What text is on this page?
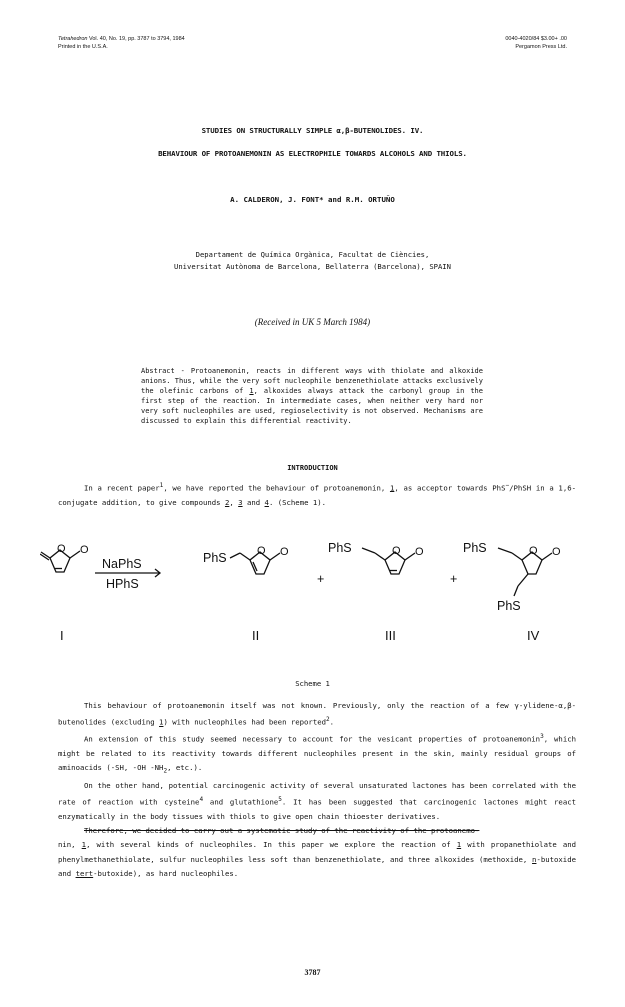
Tetrahedron Vol. 40, No. 19, pp. 3787 to 3794, 1984
Printed in the U.S.A.
0040-4020/84 $3.00+ .00
Pergamon Press Ltd.
STUDIES ON STRUCTURALLY SIMPLE α,β-BUTENOLIDES. IV.
BEHAVIOUR OF PROTOANEMONIN AS ELECTROPHILE TOWARDS ALCOHOLS AND THIOLS.
A. CALDERON, J. FONT* and R.M. ORTUÑO
Departament de Química Orgànica, Facultat de Ciències,
Universitat Autònoma de Barcelona, Bellaterra (Barcelona), SPAIN
(Received in UK 5 March 1984)
Abstract - Protoanemonin, reacts in different ways with thiolate and alkoxide anions. Thus, while the very soft nucleophile benzenethiolate attacks exclusively the olefinic carbons of 1, alkoxides always attack the carbonyl group in the first step of the reaction. In intermediate cases, when neither very hard nor very soft nucleophiles are used, regioselectivity is not observed. Mechanisms are discussed to explain this differential reactivity.
INTRODUCTION
In a recent paper$^1$, we have reported the behaviour of protoanemonin, 1, as acceptor towards PhS−/PhSH in a 1,6-conjugate addition, to give compounds 2, 3 and 4. (Scheme 1).
O O	O O	O O	O O
NaPhS
HPhS
PhS
PhS	PhS
PhS
+	+
I	II	III	IV
Scheme 1

This behaviour of protoanemonin itself was not known. Previously, only the reaction of a few γ-ylidene-α,β-butenolides (excluding 1) with nucleophiles had been reported$^2$.

An extension of this study seemed necessary to account for the vesicant properties of protoanemonin$^3$, which might be related to its reactivity towards different nucleophiles present in the skin, mainly residual groups of aminoacids (-SH, -OH $-NH_2$, etc.).

On the other hand, potential carcinogenic activity of several unsaturated lactones has been correlated with the rate of reaction with cysteine$^4$ and glutathione$^5$. It has been suggested that carcinogenic lactones might react enzymatically in the body tissues with thiols to give open chain thioester derivatives.

Therefore, we decided to carry out a systematic study of the reactivity of the protoanemo-
nin, 1, with several kinds of nucleophiles. In this paper we explore the reaction of 1 with propanethiolate and phenylmethanethiolate, sulfur nucleophiles less soft than benzenethiolate, and three alkoxides (methoxide, n-butoxide and tert-butoxide), as hard nucleophiles.

3787
